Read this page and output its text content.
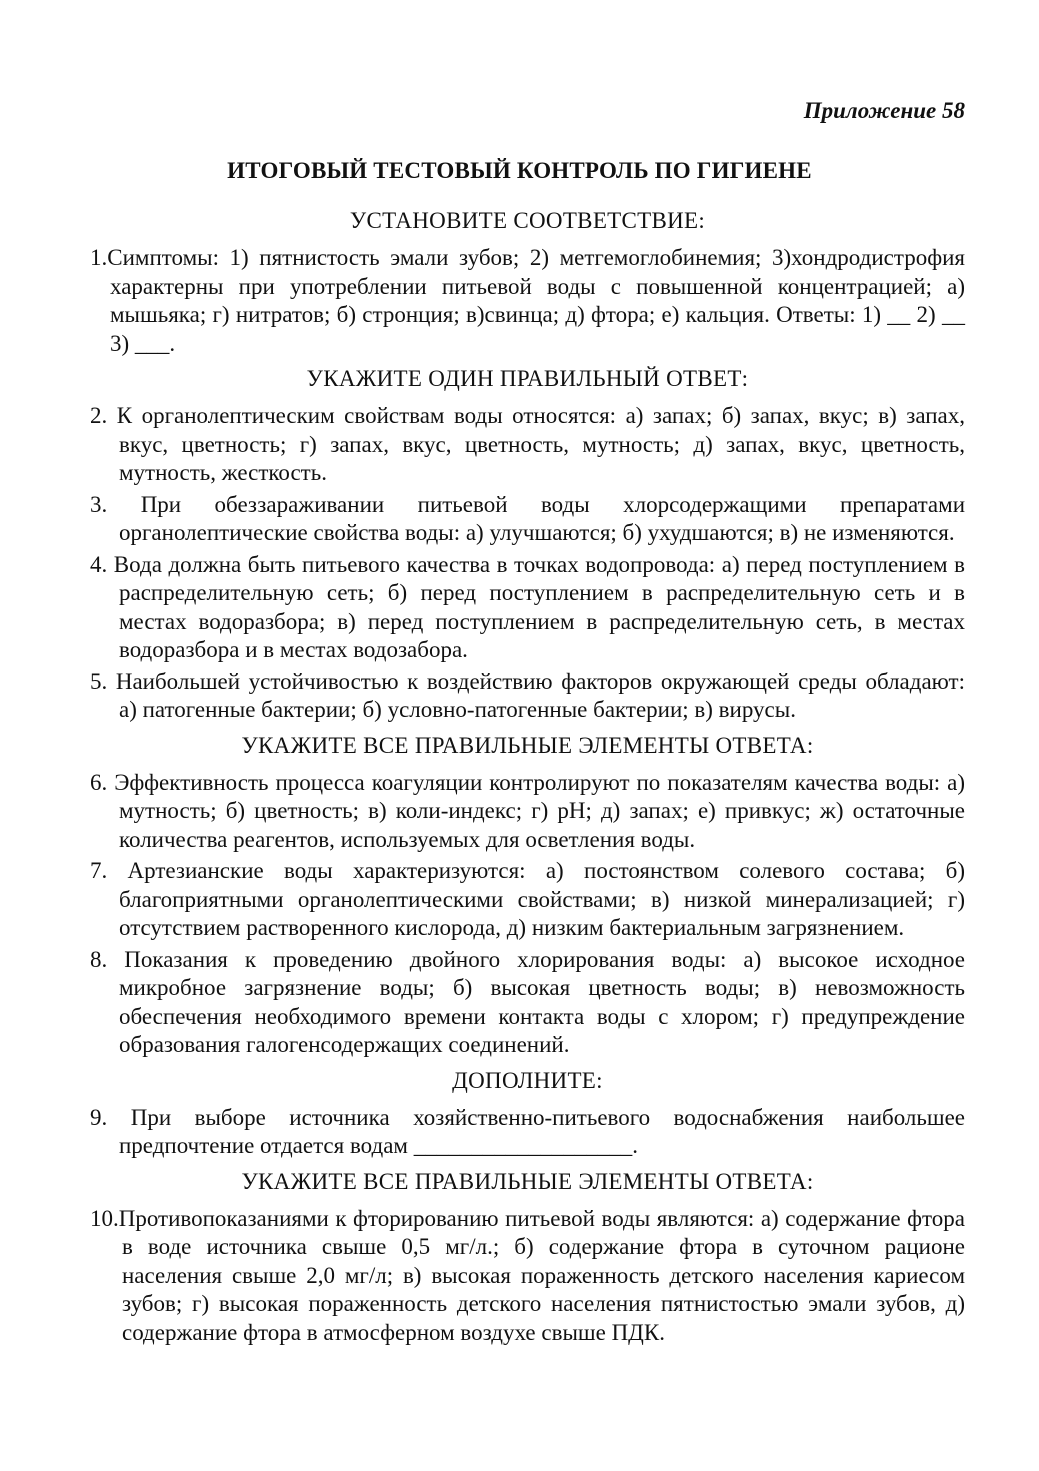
Приложение 58
ИТОГОВЫЙ ТЕСТОВЫЙ КОНТРОЛЬ ПО ГИГИЕНЕ
УСТАНОВИТЕ СООТВЕТСТВИЕ:

1.Симптомы: 1) пятнистость эмали зубов; 2) метгемоглобинемия; 3)хондродистрофия характерны при употреблении питьевой воды с повышенной концентрацией; а) мышьяка; г) нитратов; б) стронция; в)свинца; д) фтора; е) кальция. Ответы: 1) __ 2) __ 3) ___.

УКАЖИТЕ ОДИН ПРАВИЛЬНЫЙ ОТВЕТ:

2. К органолептическим свойствам воды относятся: а) запах; б) запах, вкус; в) запах, вкус, цветность; г) запах, вкус, цветность, мутность; д) запах, вкус, цветность, мутность, жесткость.

3. При обеззараживании питьевой воды хлорсодержащими препаратами органолептические свойства воды: а) улучшаются; б) ухудшаются; в) не изменяются.

4. Вода должна быть питьевого качества в точках водопровода: а) перед поступлением в распределительную сеть; б) перед поступлением в распределительную сеть и в местах водоразбора; в) перед поступлением в распределительную сеть, в местах водоразбора и в местах водозабора.

5. Наибольшей устойчивостью к воздействию факторов окружающей среды обладают: а) патогенные бактерии; б) условно-патогенные бактерии; в) вирусы.

УКАЖИТЕ ВСЕ ПРАВИЛЬНЫЕ ЭЛЕМЕНТЫ ОТВЕТА:

6. Эффективность процесса коагуляции контролируют по показателям качества воды: а) мутность; б) цветность; в) коли-индекс; г) pH; д) запах; е) привкус; ж) остаточные количества реагентов, используемых для осветления воды.

7. Артезианские воды характеризуются: а) постоянством солевого состава; б) благоприятными органолептическими свойствами; в) низкой минерализацией; г) отсутствием растворенного кислорода, д) низким бактериальным загрязнением.

8. Показания к проведению двойного хлорирования воды: а) высокое исходное микробное загрязнение воды; б) высокая цветность воды; в) невозможность обеспечения необходимого времени контакта воды с хлором; г) предупреждение образования галогенсодержащих соединений.

ДОПОЛНИТЕ:

9. При выборе источника хозяйственно-питьевого водоснабжения наибольшее предпочтение отдается водам ___________________.

УКАЖИТЕ ВСЕ ПРАВИЛЬНЫЕ ЭЛЕМЕНТЫ ОТВЕТА:

10.Противопоказаниями к фторированию питьевой воды являются: а) содержание фтора в воде источника свыше 0,5 мг/л.; б) содержание фтора в суточном рационе населения свыше 2,0 мг/л; в) высокая пораженность детского населения кариесом зубов; г) высокая пораженность детского населения пятнистостью эмали зубов, д) содержание фтора в атмосферном воздухе свыше ПДК.
